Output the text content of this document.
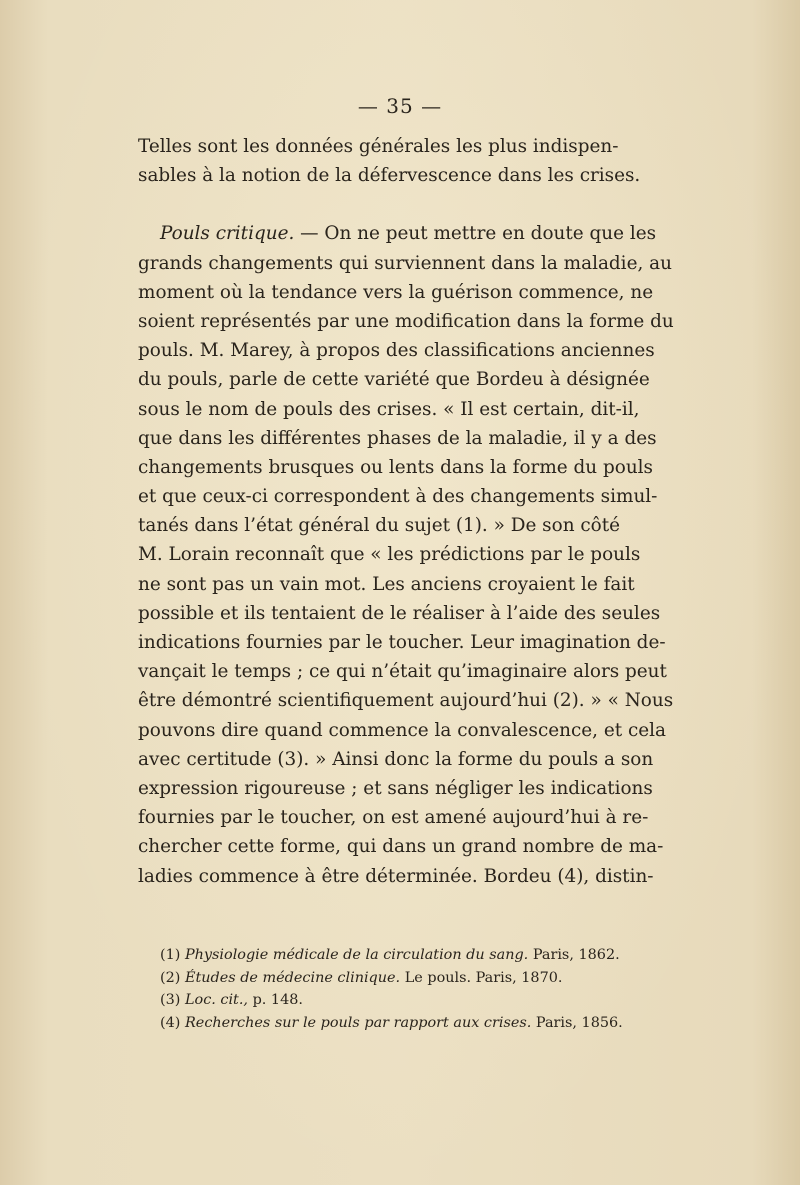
— 35 —
Telles sont les données générales les plus indispen-
sables à la notion de la défervescence dans les crises.
Pouls critique. — On ne peut mettre en doute que les
grands changements qui surviennent dans la maladie, au
moment où la tendance vers la guérison commence, ne
soient représentés par une modification dans la forme du
pouls. M. Marey, à propos des classifications anciennes
du pouls, parle de cette variété que Bordeu à désignée
sous le nom de pouls des crises. « Il est certain, dit-il,
que dans les différentes phases de la maladie, il y a des
changements brusques ou lents dans la forme du pouls
et que ceux-ci correspondent à des changements simul-
tanés dans l’état général du sujet (1). » De son côté
M. Lorain reconnaît que « les prédictions par le pouls
ne sont pas un vain mot. Les anciens croyaient le fait
possible et ils tentaient de le réaliser à l’aide des seules
indications fournies par le toucher. Leur imagination de-
vançait le temps ; ce qui n’était qu’imaginaire alors peut
être démontré scientifiquement aujourd’hui (2). » « Nous
pouvons dire quand commence la convalescence, et cela
avec certitude (3). » Ainsi donc la forme du pouls a son
expression rigoureuse ; et sans négliger les indications
fournies par le toucher, on est amené aujourd’hui à re-
chercher cette forme, qui dans un grand nombre de ma-
ladies commence à être déterminée. Bordeu (4), distin-
(1) Physiologie médicale de la circulation du sang. Paris, 1862.
(2) Études de médecine clinique. Le pouls. Paris, 1870.
(3) Loc. cit., p. 148.
(4) Recherches sur le pouls par rapport aux crises. Paris, 1856.
